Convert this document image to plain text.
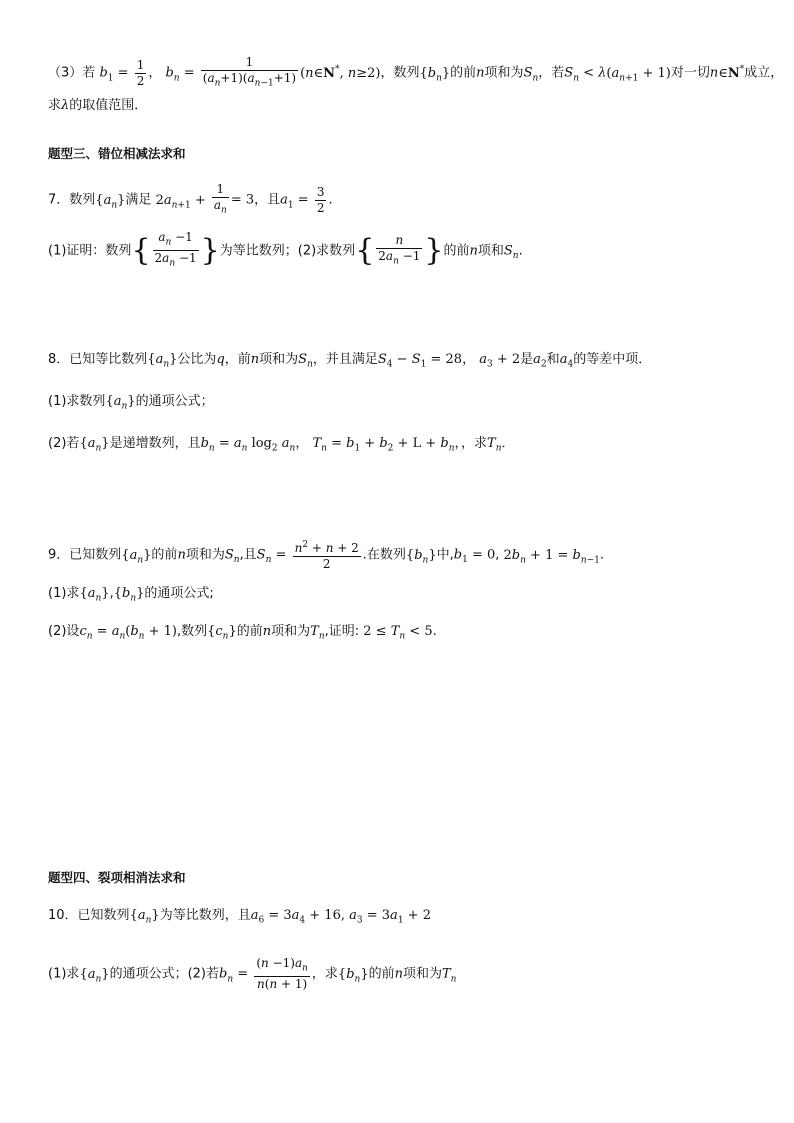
（3）若 $b_1 = \frac{1}{2}$ ， $b_n = \frac{1}{(a_n+1)(a_{n-1}+1)}$ (n∈N*, n≥2)，数列$\{b_n\}$的前n项和为$S_n$，若$S_n < \lambda(a_{n+1} + 1)$对一切n∈N*成立，
求λ的取值范围．
题型三、错位相减法求和
7．数列$\{a_n\}$满足 $2a_{n+1} + \frac{1}{a_n} = 3$，且$a_1 = \frac{3}{2}$ .
(1)证明：数列{ $\frac{a_n -1}{2a_n -1}$ }为等比数列；(2)求数列{ $\frac{n}{2a_n -1}$ }的前n项和$S_n$.
8．已知等比数列$\{a_n\}$公比为q，前n项和为$S_n$，并且满足$S_4 - S_1 = 28$， $a_3 + 2$是$a_2$和$a_4$的等差中项．
(1)求数列$\{a_n\}$的通项公式；
(2)若$\{a_n\}$是递增数列，且$b_n = a_n$ $\log_2 a_n$， $T_n = b_1 + b_2 + L + b_n$，，求$T_n$．
9．已知数列$\{a_n\}$的前n项和为$S_n$,且$S_n = \frac{n^2 + n + 2}{2}$ .在数列$\{b_n\}$中$,b_1 = 0$, $2b_n + 1 = b_{n-1}$.
(1)求$\{a_n\},\{b_n\}$的通项公式;
(2)设$c_n = a_n(b_n + 1)$,数列$\{c_n\}$的前n项和为$T_n$,证明: $2 \le T_n < 5$.
题型四、裂项相消法求和
10．已知数列$\{a_n\}$为等比数列，且$a_6 = 3a_4 + 16$, $a_3 = 3a_1 + 2$
(1)求$\{a_n\}$的通项公式；(2)若$b_n = \frac{(n -1)a_n}{n(n + 1)}$ ，求$\{b_n\}$的前n项和为$T_n$
